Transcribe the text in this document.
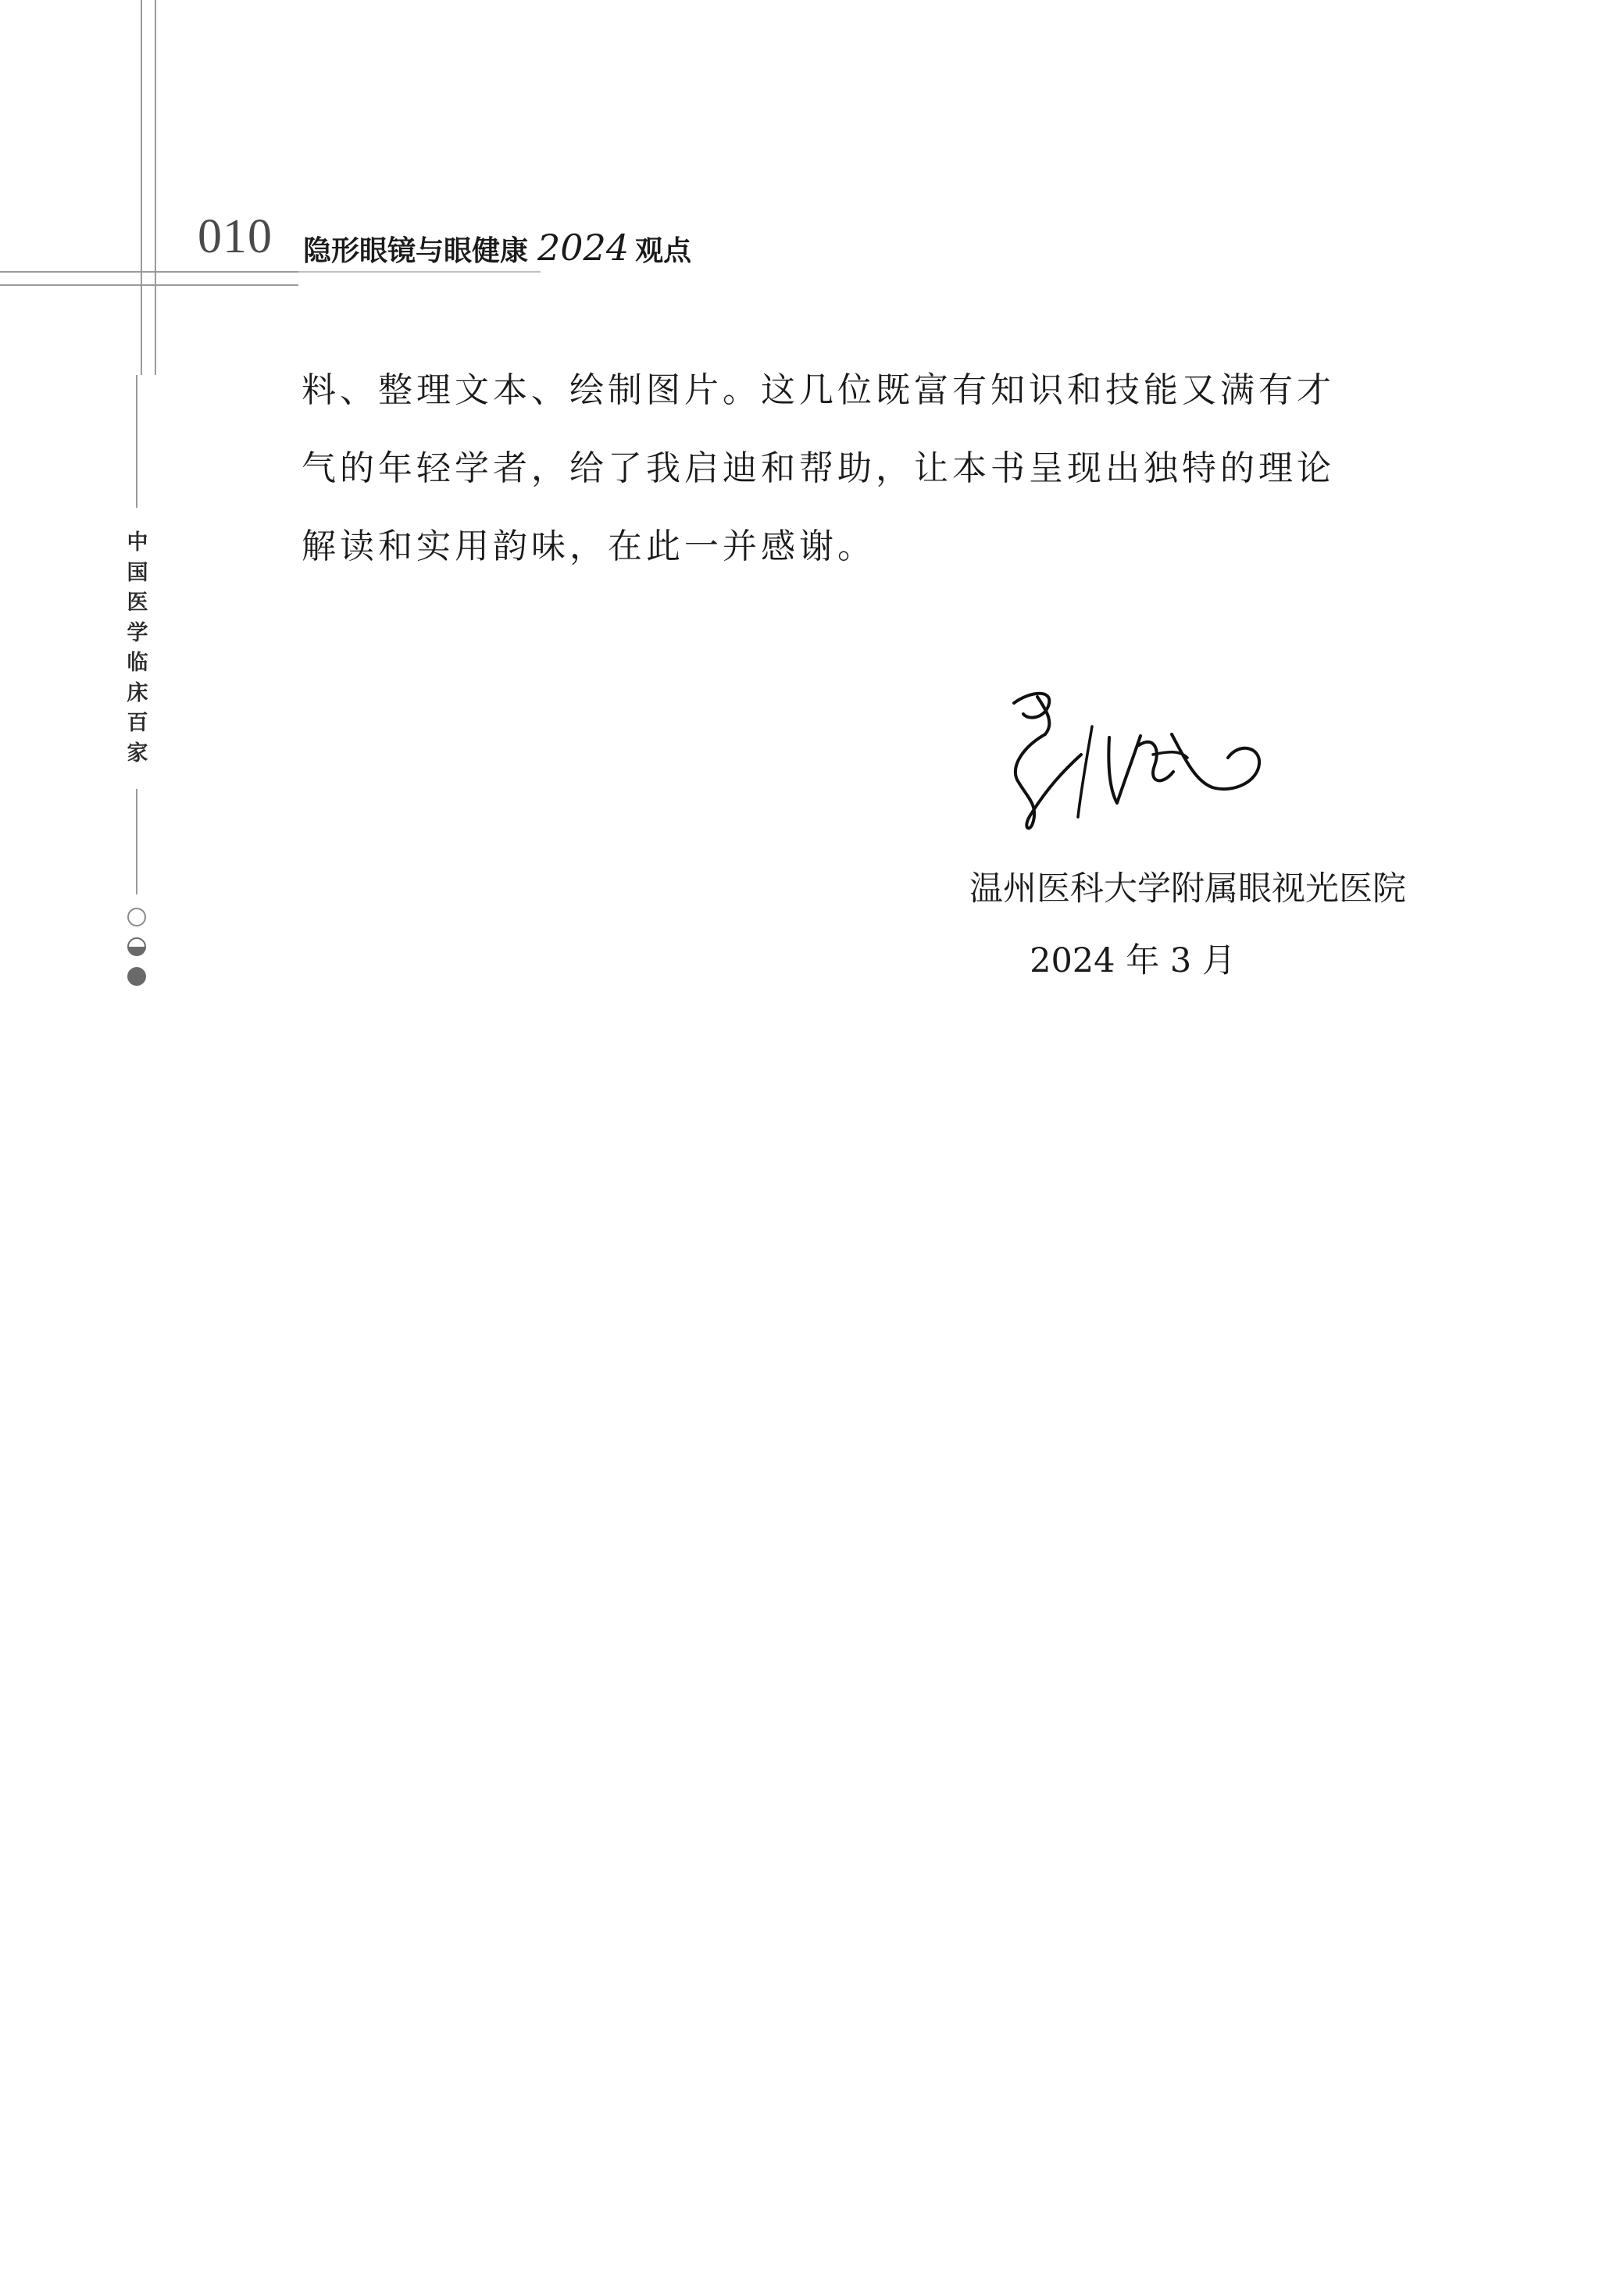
010 隐形眼镜与眼健康 2024 观点
中国医学临床百家

料、整理文本、绘制图片。这几位既富有知识和技能又满有才

气的年轻学者，给了我启迪和帮助，让本书呈现出独特的理论

解读和实用韵味，在此一并感谢。

温州医科大学附属眼视光医院
2024 年 3 月
